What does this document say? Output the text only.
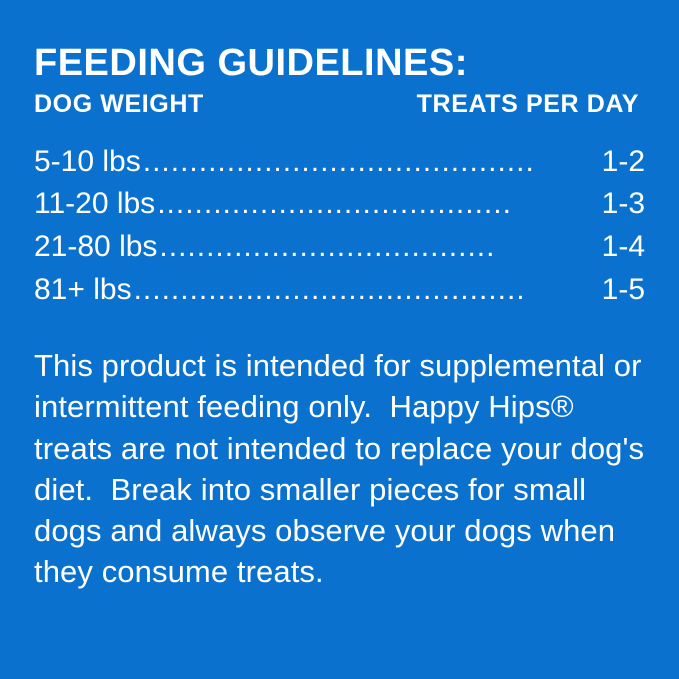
FEEDING GUIDELINES:
DOG WEIGHT	TREATS PER DAY
5-10 lbs ..........................................	1-2
11-20 lbs ......................................	1-3
21-80 lbs ....................................	1-4
81+ lbs ..........................................	1-5

This product is intended for supplemental or intermittent feeding only.  Happy Hips® treats are not intended to replace your dog's diet.  Break into smaller pieces for small dogs and always observe your dogs when they consume treats.
